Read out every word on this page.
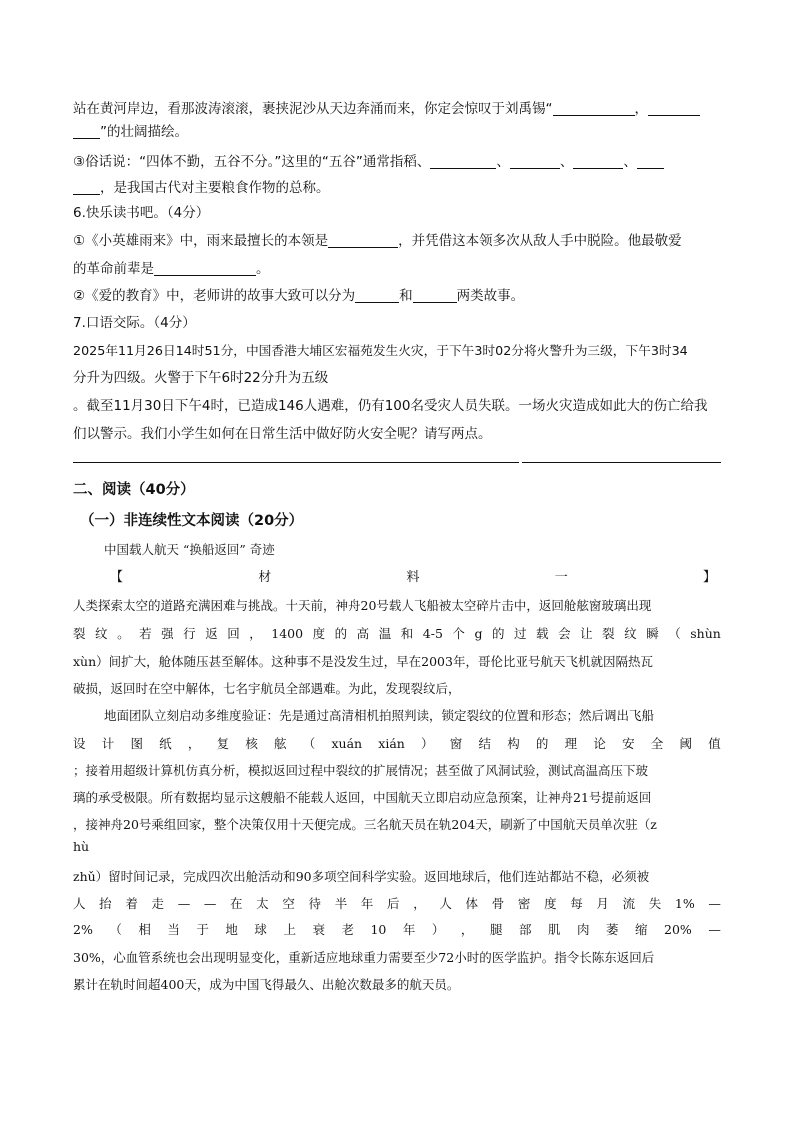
站在黄河岸边，看那波涛滚滚，裹挟泥沙从天边奔涌而来，你定会惊叹于刘禹锡“	，
”的壮阔描绘。
③俗话说：“四体不勤，五谷不分。”这里的“五谷”通常指稻、	、	、	、
，是我国古代对主要粮食作物的总称。
6.快乐读书吧。（4分）
①《小英雄雨来》中，雨来最擅长的本领是	，并凭借这本领多次从敌人手中脱险。他最敬爱
的革命前辈是	。
②《爱的教育》中，老师讲的故事大致可以分为	和	两类故事。
7.口语交际。（4分）
2025年11月26日14时51分，中国香港大埔区宏福苑发生火灾，于下午3时02分将火警升为三级，下午3时34
分升为四级。火警于下午6时22分升为五级
。截至11月30日下午4时，已造成146人遇难，仍有100名受灾人员失联。一场火灾造成如此大的伤亡给我
们以警示。我们小学生如何在日常生活中做好防火安全呢？请写两点。
二、阅读（40分）
（一）非连续性文本阅读（20分）
中国载人航天 “换船返回” 奇迹
【	材	料	一	】
人类探索太空的道路充满困难与挑战。十天前，神舟20号载人飞船被太空碎片击中，返回舱舷窗玻璃出现
裂 纹 。 若 强 行 返 回 ， 1400 度 的 高 温 和 4-5 个 g 的 过 载 会 让 裂 纹 瞬 （ shùn
xùn）间扩大，舱体随压甚至解体。这种事不是没发生过，早在2003年，哥伦比亚号航天飞机就因隔热瓦
破损，返回时在空中解体，七名宇航员全部遇难。为此，发现裂纹后，
地面团队立刻启动多维度验证：先是通过高清相机拍照判读，锁定裂纹的位置和形态；然后调出飞船
设 计 图 纸 ， 复 核 舷 （ xuán xián ） 窗 结 构 的 理 论 安 全 阈 值
；接着用超级计算机仿真分析，模拟返回过程中裂纹的扩展情况；甚至做了风洞试验，测试高温高压下玻
璃的承受极限。所有数据均显示这艘船不能载人返回，中国航天立即启动应急预案，让神舟21号提前返回
，接神舟20号乘组回家，整个决策仅用十天便完成。三名航天员在轨204天，刷新了中国航天员单次驻（z
hù
zhǔ）留时间记录，完成四次出舱活动和90多项空间科学实验。返回地球后，他们连站都站不稳，必须被
人 抬 着 走 — — 在 太 空 待 半 年 后 ， 人 体 骨 密 度 每 月 流 失 1% —
2% （ 相 当 于 地 球 上 衰 老 10 年 ） ， 腿 部 肌 肉 萎 缩 20% —
30%，心血管系统也会出现明显变化，重新适应地球重力需要至少72小时的医学监护。指令长陈东返回后
累计在轨时间超400天，成为中国飞得最久、出舱次数最多的航天员。
